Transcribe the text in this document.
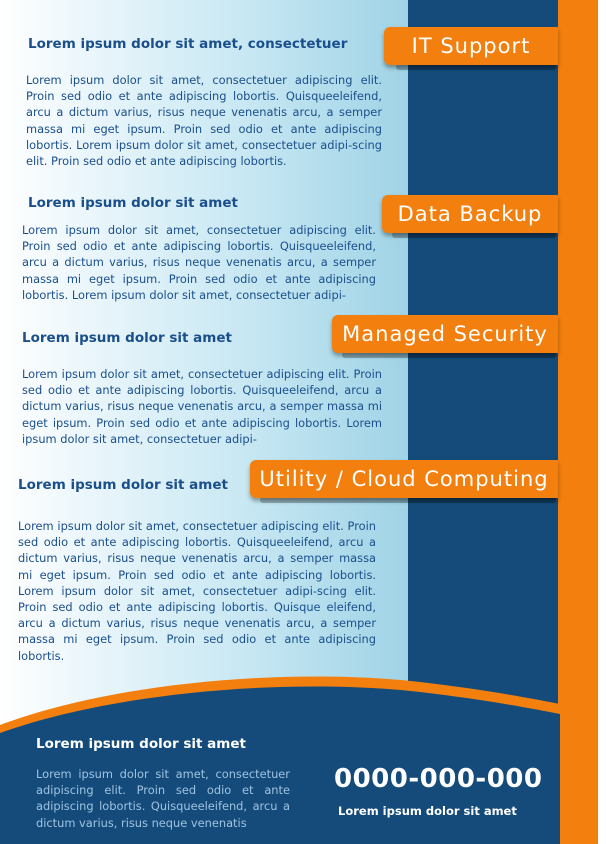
IT Support
Data Backup
Managed Security
Utility / Cloud Computing
Lorem ipsum dolor sit amet, consectetuer
Lorem ipsum dolor sit amet, consectetuer adipiscing elit. Proin sed odio et ante adipiscing lobortis. Quisqueeleifend, arcu a dictum varius, risus neque venenatis arcu, a semper massa mi eget ipsum. Proin sed odio et ante adipiscing lobortis. Lorem ipsum dolor sit amet, consectetuer adipi-scing elit. Proin sed odio et ante adipiscing lobortis.
Lorem ipsum dolor sit amet
Lorem ipsum dolor sit amet, consectetuer adipiscing elit. Proin sed odio et ante adipiscing lobortis. Quisqueeleifend, arcu a dictum varius, risus neque venenatis arcu, a semper massa mi eget ipsum. Proin sed odio et ante adipiscing lobortis. Lorem ipsum dolor sit amet, consectetuer adipi-
Lorem ipsum dolor sit amet
Lorem ipsum dolor sit amet, consectetuer adipiscing elit. Proin sed odio et ante adipiscing lobortis. Quisqueeleifend, arcu a dictum varius, risus neque venenatis arcu, a semper massa mi eget ipsum. Proin sed odio et ante adipiscing lobortis. Lorem ipsum dolor sit amet, consectetuer adipi-
Lorem ipsum dolor sit amet
Lorem ipsum dolor sit amet, consectetuer adipiscing elit. Proin sed odio et ante adipiscing lobortis. Quisqueeleifend, arcu a dictum varius, risus neque venenatis arcu, a semper massa mi eget ipsum. Proin sed odio et ante adipiscing lobortis. Lorem ipsum dolor sit amet, consectetuer adipi-scing elit. Proin sed odio et ante adipiscing lobortis. Quisque eleifend, arcu a dictum varius, risus neque venenatis arcu, a semper massa mi eget ipsum. Proin sed odio et ante adipiscing lobortis.
Lorem ipsum dolor sit amet
Lorem ipsum dolor sit amet, consectetuer adipiscing elit. Proin sed odio et ante adipiscing lobortis. Quisqueeleifend, arcu a dictum varius, risus neque venenatis
0000-000-000
Lorem ipsum dolor sit amet
